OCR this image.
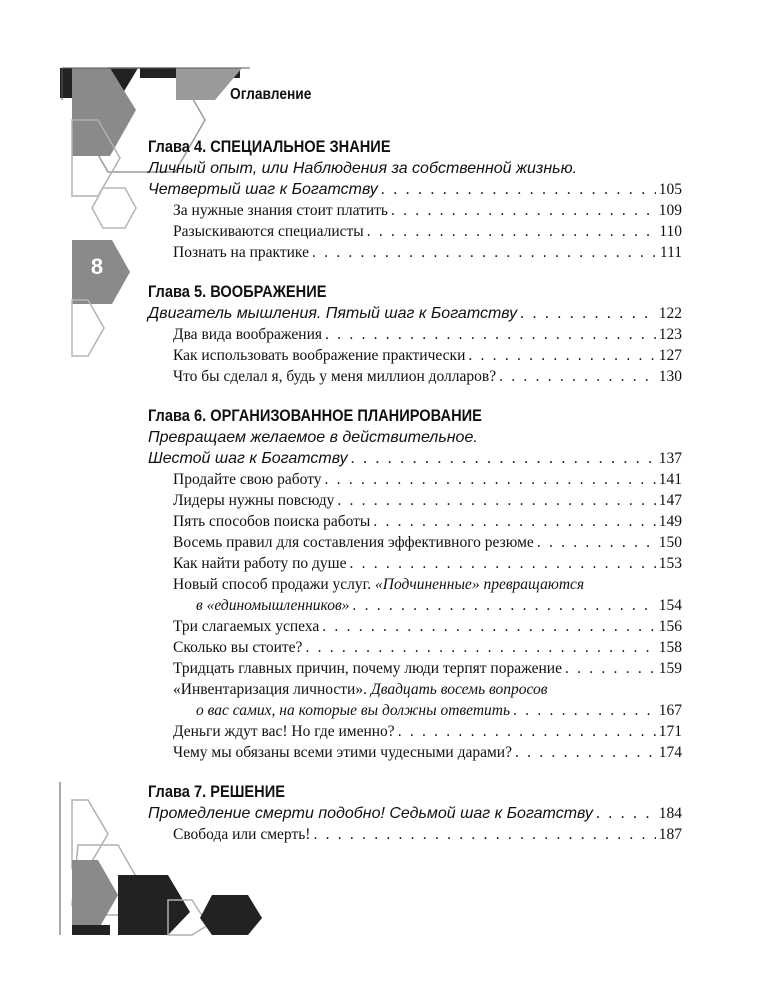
Оглавление
8
Глава 4. СПЕЦИАЛЬНОЕ ЗНАНИЕ
Личный опыт, или Наблюдения за собственной жизнью.
Четвертый шаг к Богатству . . .	105
За нужные знания стоит платить . . .	109
Разыскиваются специалисты . . .	110
Познать на практике . . .	111
Глава 5. ВООБРАЖЕНИЕ
Двигатель мышления. Пятый шаг к Богатству . . .	122
Два вида воображения . . .	123
Как использовать воображение практически . . .	127
Что бы сделал я, будь у меня миллион долларов? . . .	130
Глава 6. ОРГАНИЗОВАННОЕ ПЛАНИРОВАНИЕ
Превращаем желаемое в действительное.
Шестой шаг к Богатству . . .	137
Продайте свою работу . . .	141
Лидеры нужны повсюду . . .	147
Пять способов поиска работы . . .	149
Восемь правил для составления эффективного резюме . . .	150
Как найти работу по душе . . .	153
Новый способ продажи услуг.
«Подчиненные» превращаются
в «единомышленников» . . .	154
Три слагаемых успеха . . .	156
Сколько вы стоите? . . .	158
Тридцать главных причин, почему люди терпят поражение . . .	159
«Инвентаризация личности».
Двадцать восемь вопросов
о вас самих, на которые вы должны ответить . . .	167
Деньги ждут вас! Но где именно? . . .	171
Чему мы обязаны всеми этими чудесными дарами? . . .	174
Глава 7. РЕШЕНИЕ
Промедление смерти подобно! Седьмой шаг к Богатству . . .	184
Свобода или смерть! . . .	187
